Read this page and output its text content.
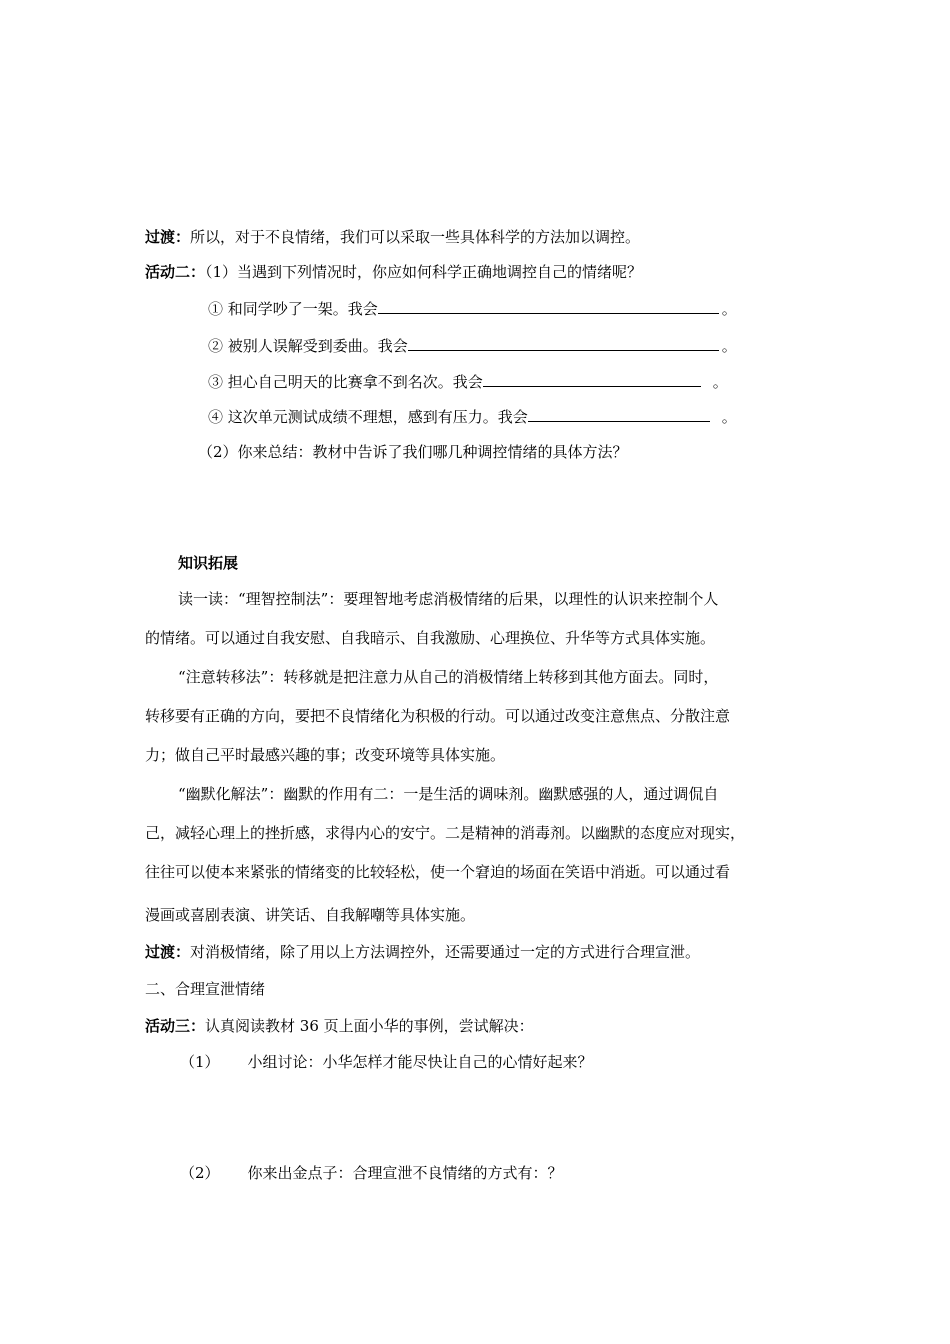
过渡：所以，对于不良情绪，我们可以采取一些具体科学的方法加以调控。
活动二：（1）当遇到下列情况时，你应如何科学正确地调控自己的情绪呢？
① 和同学吵了一架。我会	。
② 被别人误解受到委曲。我会	。
③ 担心自己明天的比赛拿不到名次。我会	。
④ 这次单元测试成绩不理想，感到有压力。我会	。
（2）你来总结：教材中告诉了我们哪几种调控情绪的具体方法？
知识拓展
读一读：“理智控制法”：要理智地考虑消极情绪的后果，以理性的认识来控制个人
的情绪。可以通过自我安慰、自我暗示、自我激励、心理换位、升华等方式具体实施。
“注意转移法”：转移就是把注意力从自己的消极情绪上转移到其他方面去。同时，
转移要有正确的方向，要把不良情绪化为积极的行动。可以通过改变注意焦点、分散注意
力；做自己平时最感兴趣的事；改变环境等具体实施。
“幽默化解法”：幽默的作用有二：一是生活的调味剂。幽默感强的人，通过调侃自
己，减轻心理上的挫折感，求得内心的安宁。二是精神的消毒剂。以幽默的态度应对现实，
往往可以使本来紧张的情绪变的比较轻松，使一个窘迫的场面在笑语中消逝。可以通过看
漫画或喜剧表演、讲笑话、自我解嘲等具体实施。
过渡：对消极情绪，除了用以上方法调控外，还需要通过一定的方式进行合理宣泄。
二、合理宣泄情绪
活动三：认真阅读教材 36 页上面小华的事例，尝试解决：
（1） 小组讨论：小华怎样才能尽快让自己的心情好起来？
（2） 你来出金点子：合理宣泄不良情绪的方式有：？
